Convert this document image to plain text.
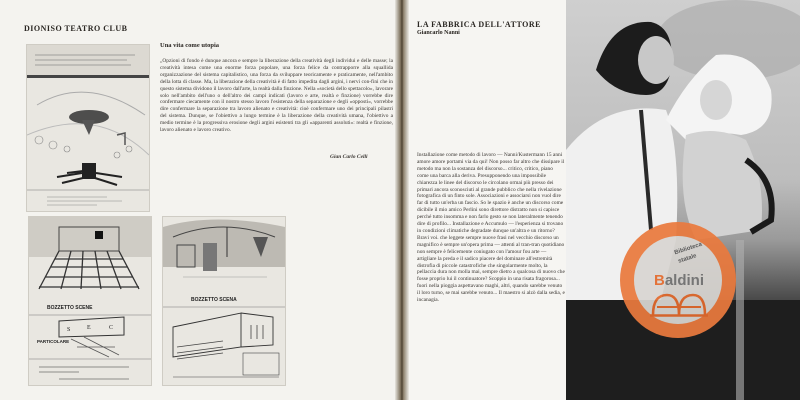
DIONISO TEATRO CLUB
Una vita come utopia
„Opzioni di fondo è dunque ancora e sempre la liberazione della creatività degli individui e delle masse; la creatività intesa come una enorme forza popolare, una forza felice da contrapporre alla squallida organizzazione del sistema capitalistico, una forza da sviluppare teoricamente e praticamente, nell'ambito della lotta di classe. Ma, la liberazione della creatività è di fatto impedita dagli argini, i nervi con-fini che in questo sistema dividono il lavoro dall'arte, la realtà dalla finzione. Nella «società dello spettacolo», lavorare solo nell'ambito dell'uno o dell'altro dei campi indicati (lavoro e arte, realtà e finzione) vorrebbe dire confermare ciecamente con il nostro stesso lavoro l'esistenza della separazione e degli «opposti», vorrebbe dire confermare la separazione tra lavoro alienato e creatività: cioè confermare uno dei principali pilastri del sistema. Dunque, se l'obiettivo a lungo termine è la liberazione della creatività umana, l'obiettivo a medio termine è la progressiva erosione degli argini esistenti tra gli «apparenti assoluti»: realtà e finzione, lavoro alienato e lavoro creativo.
Gian Carlo Celli
BOZZETTO SCENE
S	E	C
PARTICOLARE
BOZZETTO SCENA
LA FABBRICA DELL'ATTORE
Giancarlo Nanni
Installazione come metodo di lavoro — Nanni/Kustermann 15 anni amore amore portami via da qui! Non posso far altro che dissipare il metodo ma non la sostanza del discorso... critico, critico, piano come una barca alla deriva. Presupponendo una impossibile chiarezza le linee del discorso le circolano ormai più presso dei primari ancora sconosciuti al grande pubblico che nella rivelazione fotografica di un finto sole. Associazioni e associarsi non vuol dire far di tutto un'erba un fascio. So le spazio è anche un discorso come dicibile il mio amico Perlini sono direttore distratto non si capisce perché tutto insomma e non farlo gesto se non lateralmente tenendo dire di profilo... Installazione e Accumulo — l'esperienza si trovano in condizioni climatiche degradate dunque un'altra e un ritorno? Bravi voi. che leggete sempre nuove frasi nel vecchio discorso un magnifico è sempre un'opera prima — attenti al tran-tran quotidiano non sempre è felicemente coniugato con l'amour fou arte — artigliare la preda e il sadico piacere del dominare all'estremità distrofia di piccole catastrofiche che singolarmente molto, la pellaccia dura non molla mai, sempre dietro a qualcosa di nuovo che fosse proprio lui il continuatore? Scoppio in una risata fragorosa... fuori nella pioggia aspettavano maghi, altri, quando sarebbe venuto il loro turno, se mai sarebbe venuto... Il maestro si alzò dalla sedia, e incanagia.
Biblioteca
statale
Baldini
